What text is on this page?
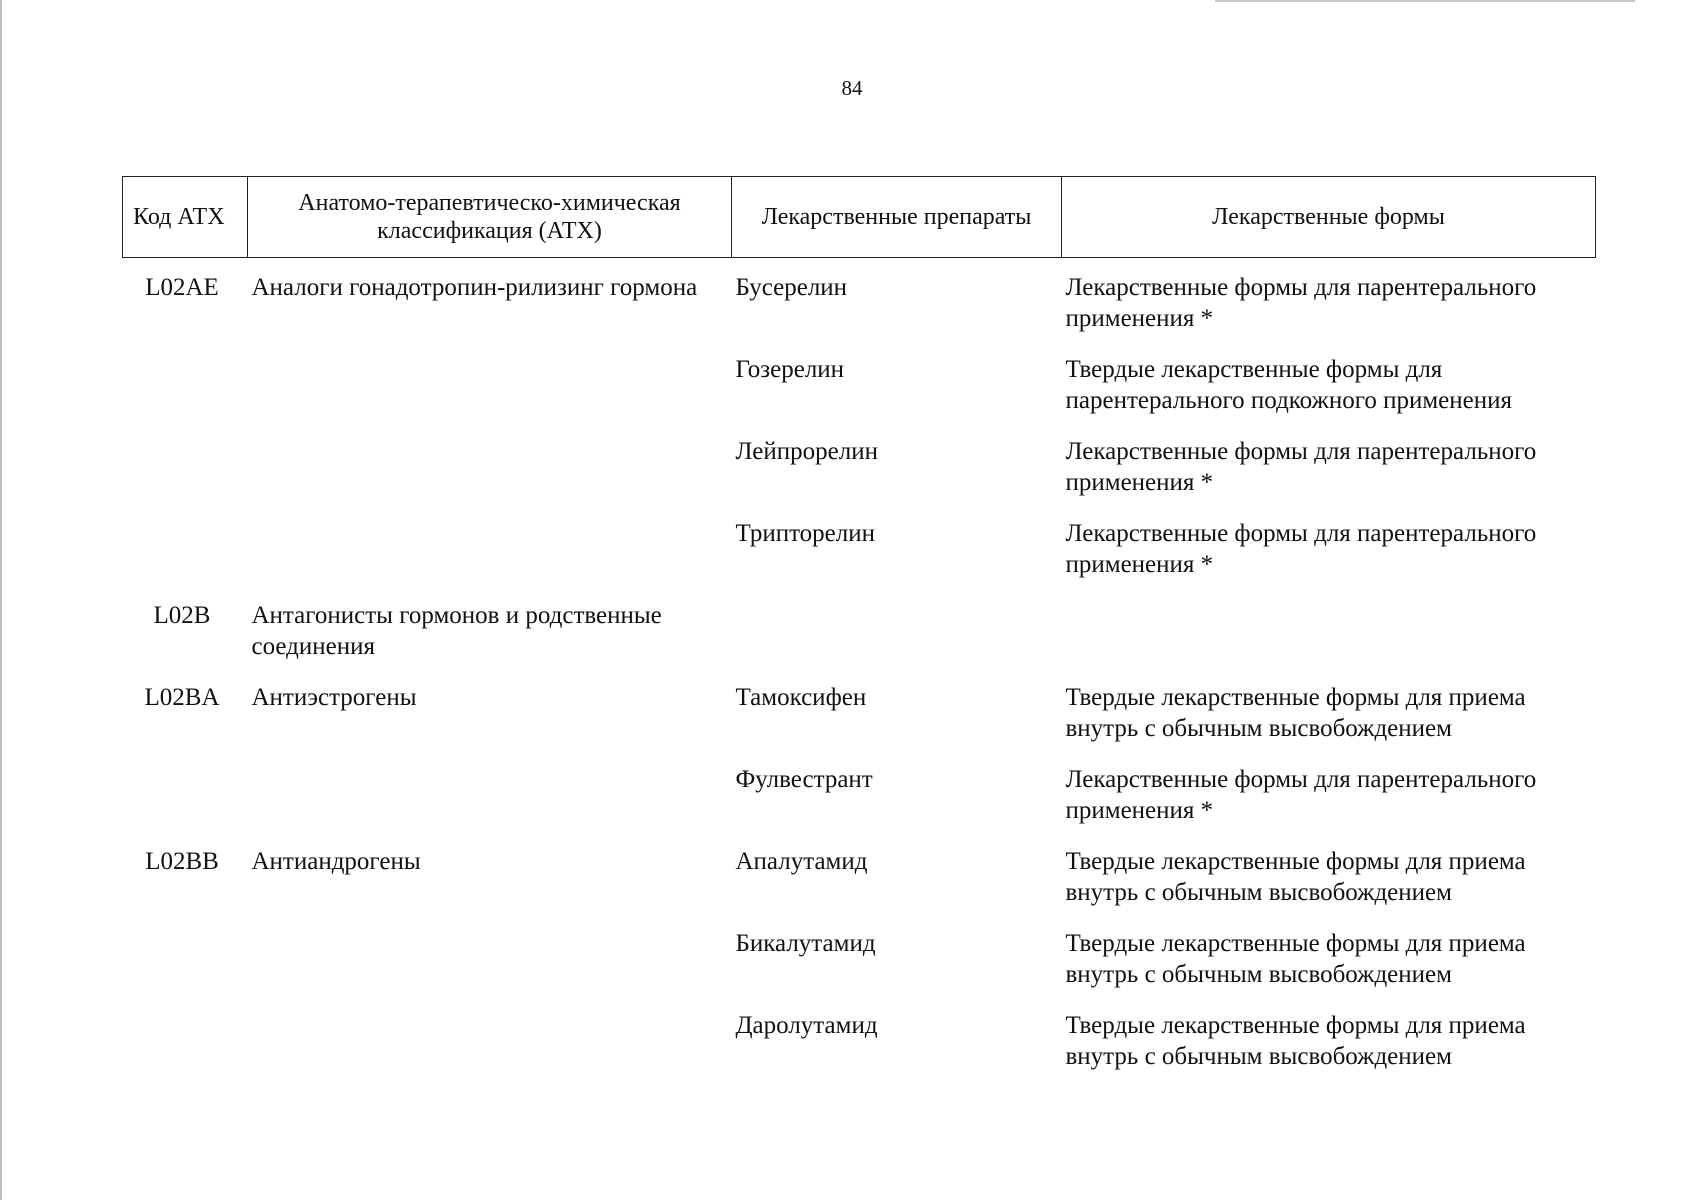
84
Код АТХ	Анатомо-терапевтическо-химическая классификация (АТХ)	Лекарственные препараты	Лекарственные формы
L02AE	Аналоги гонадотропин-рилизинг гормона	Бусерелин	Лекарственные формы для парентерального применения *
		Гозерелин	Твердые лекарственные формы для парентерального подкожного применения
		Лейпрорелин	Лекарственные формы для парентерального применения *
		Трипторелин	Лекарственные формы для парентерального применения *
L02B	Антагонисты гормонов и родственные соединения		
L02BA	Антиэстрогены	Тамоксифен	Твердые лекарственные формы для приема внутрь с обычным высвобождением
		Фулвестрант	Лекарственные формы для парентерального применения *
L02BB	Антиандрогены	Апалутамид	Твердые лекарственные формы для приема внутрь с обычным высвобождением
		Бикалутамид	Твердые лекарственные формы для приема внутрь с обычным высвобождением
		Даролутамид	Твердые лекарственные формы для приема внутрь с обычным высвобождением
